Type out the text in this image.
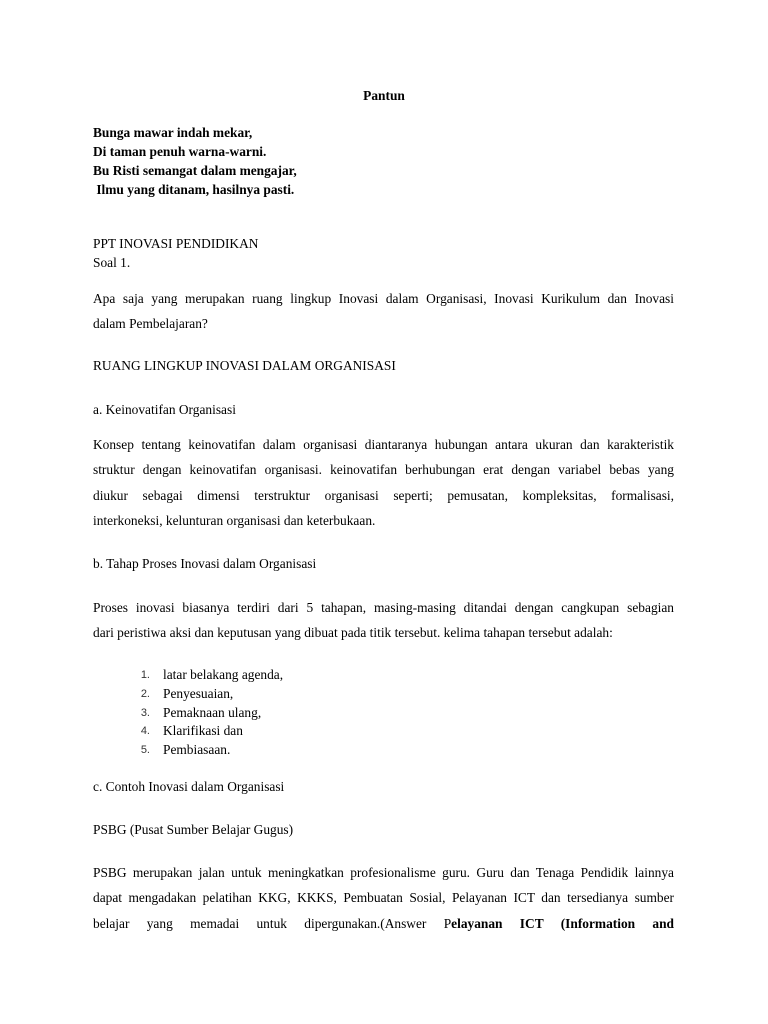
Pantun
Bunga mawar indah mekar,
Di taman penuh warna-warni.
Bu Risti semangat dalam mengajar,
Ilmu yang ditanam, hasilnya pasti.
PPT INOVASI PENDIDIKAN
Soal 1.
Apa saja yang merupakan ruang lingkup Inovasi dalam Organisasi, Inovasi Kurikulum dan Inovasi
dalam Pembelajaran?
RUANG LINGKUP INOVASI DALAM ORGANISASI
a. Keinovatifan Organisasi
Konsep tentang keinovatifan dalam organisasi diantaranya hubungan antara ukuran dan karakteristik
struktur dengan keinovatifan organisasi. keinovatifan berhubungan erat dengan variabel bebas yang
diukur sebagai dimensi terstruktur organisasi seperti; pemusatan, kompleksitas, formalisasi,
interkoneksi, kelunturan organisasi dan keterbukaan.
b. Tahap Proses Inovasi dalam Organisasi
Proses inovasi biasanya terdiri dari 5 tahapan, masing-masing ditandai dengan cangkupan sebagian
dari peristiwa aksi dan keputusan yang dibuat pada titik tersebut. kelima tahapan tersebut adalah:
1. latar belakang agenda,
2. Penyesuaian,
3. Pemaknaan ulang,
4. Klarifikasi dan
5. Pembiasaan.
c. Contoh Inovasi dalam Organisasi
PSBG (Pusat Sumber Belajar Gugus)
PSBG merupakan jalan untuk meningkatkan profesionalisme guru. Guru dan Tenaga Pendidik lainnya
dapat mengadakan pelatihan KKG, KKKS, Pembuatan Sosial, Pelayanan ICT dan tersedianya sumber
belajar   yang   memadai   untuk   dipergunakan.(Answer   Pelayanan   ICT   (Information   and
